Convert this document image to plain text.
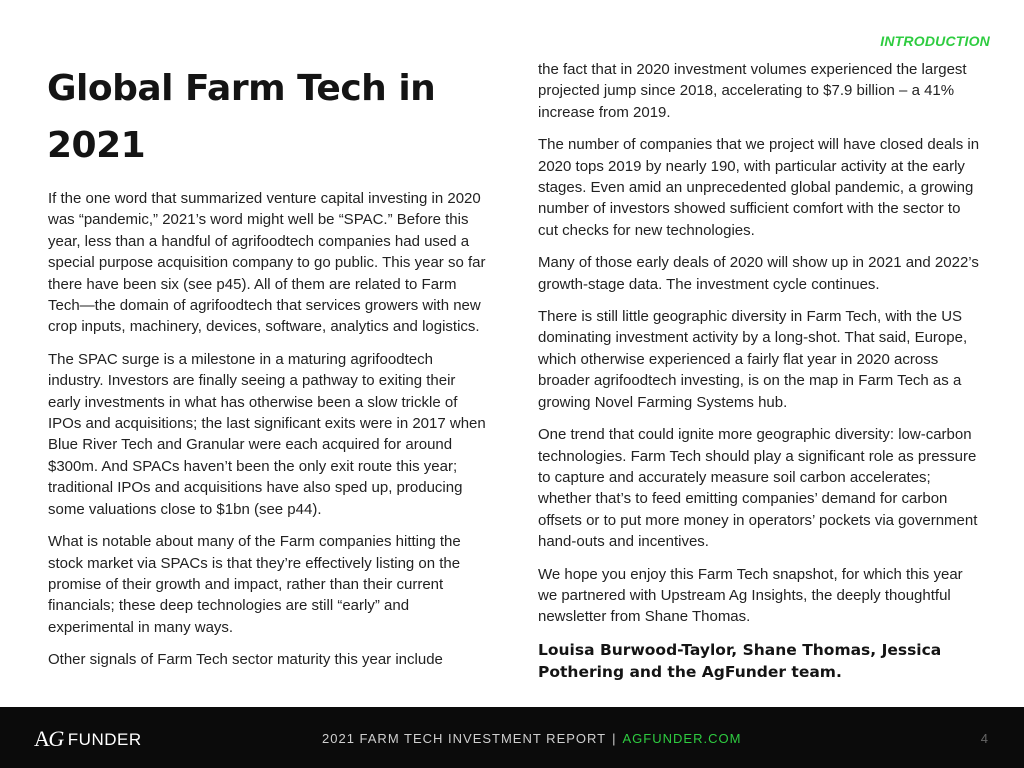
INTRODUCTION
Global Farm Tech in 2021

If the one word that summarized venture capital investing in 2020 was “pandemic,” 2021’s word might well be “SPAC.” Before this year, less than a handful of agrifoodtech companies had used a special purpose acquisition company to go public. This year so far there have been six (see p45). All of them are related to Farm Tech—the domain of agrifoodtech that services growers with new crop inputs, machinery, devices, software, analytics and logistics.

The SPAC surge is a milestone in a maturing agrifoodtech industry. Investors are finally seeing a pathway to exiting their early investments in what has otherwise been a slow trickle of IPOs and acquisitions; the last significant exits were in 2017 when Blue River Tech and Granular were each acquired for around $300m. And SPACs haven’t been the only exit route this year; traditional IPOs and acquisitions have also sped up, producing some valuations close to $1bn (see p44).

What is notable about many of the Farm companies hitting the stock market via SPACs is that they’re effectively listing on the promise of their growth and impact, rather than their current financials; these deep technologies are still “early” and experimental in many ways.

Other signals of Farm Tech sector maturity this year include

the fact that in 2020 investment volumes experienced the largest projected jump since 2018, accelerating to $7.9 billion – a 41% increase from 2019.

The number of companies that we project will have closed deals in 2020 tops 2019 by nearly 190, with particular activity at the early stages. Even amid an unprecedented global pandemic, a growing number of investors showed sufficient comfort with the sector to cut checks for new technologies.

Many of those early deals of 2020 will show up in 2021 and 2022’s growth-stage data. The investment cycle continues.

There is still little geographic diversity in Farm Tech, with the US dominating investment activity by a long-shot. That said, Europe, which otherwise experienced a fairly flat year in 2020 across broader agrifoodtech investing, is on the map in Farm Tech as a growing Novel Farming Systems hub.

One trend that could ignite more geographic diversity: low-carbon technologies. Farm Tech should play a significant role as pressure to capture and accurately measure soil carbon accelerates; whether that’s to feed emitting companies’ demand for carbon offsets or to put more money in operators’ pockets via government hand-outs and incentives.

We hope you enjoy this Farm Tech snapshot, for which this year we partnered with Upstream Ag Insights, the deeply thoughtful newsletter from Shane Thomas.

Louisa Burwood-Taylor, Shane Thomas, Jessica Pothering and the AgFunder team.
A
G FUNDER	2021 FARM TECH INVESTMENT REPORT | AGFUNDER.COM	4
